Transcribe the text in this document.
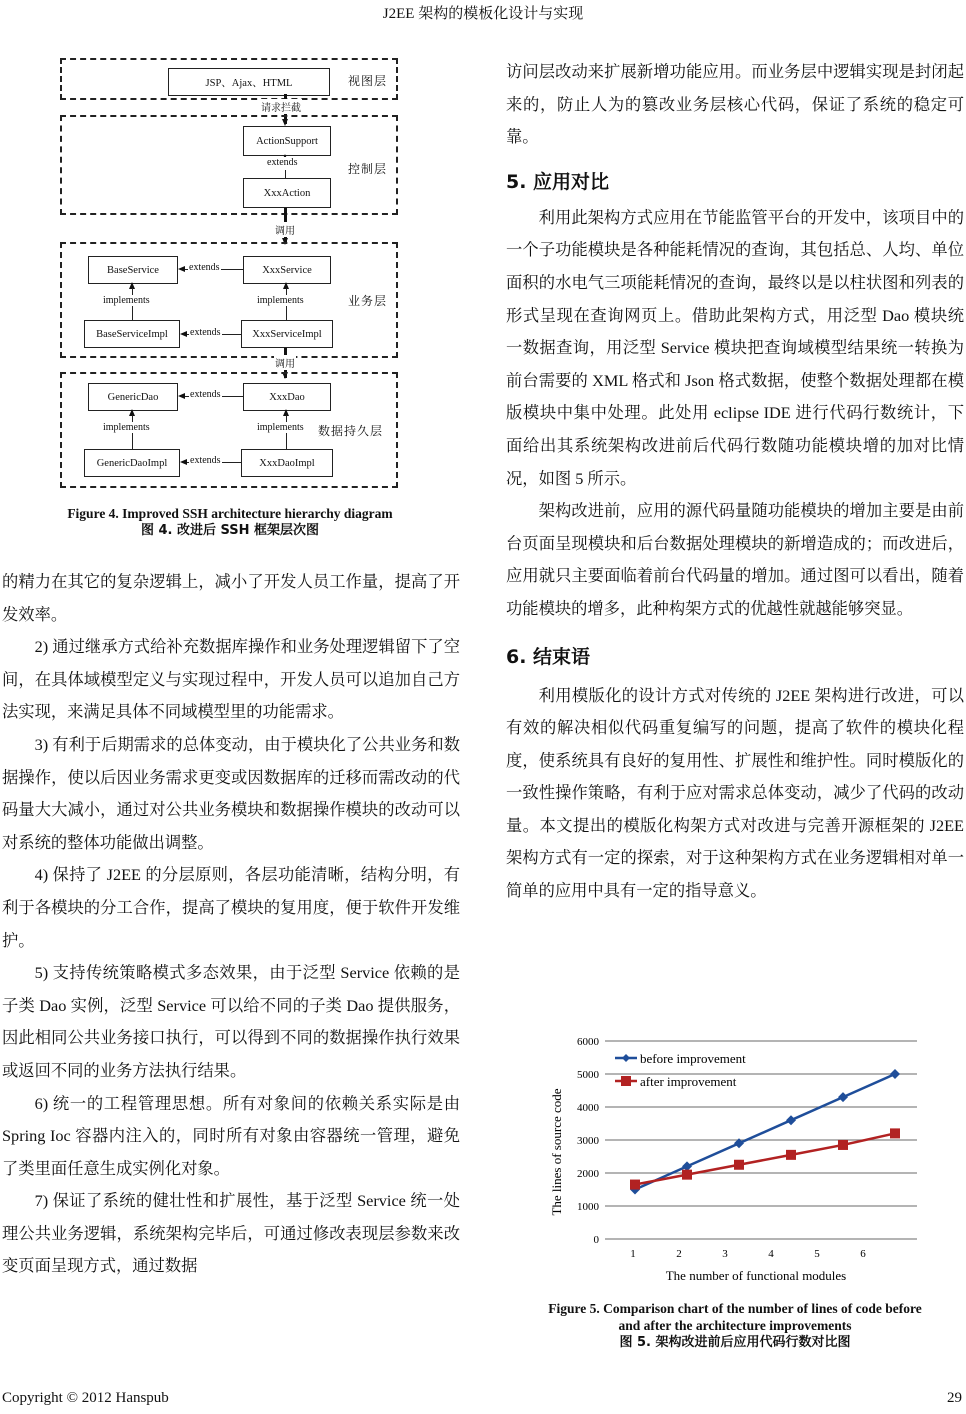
J2EE 架构的模板化设计与实现
JSP、Ajax、HTML	视图层
请求拦截
ActionSupport
extends
XxxAction
控制层
调用
BaseService	extends	XxxService
implements	implements
BaseServiceImpl	extends	XxxServiceImpl
业务层
调用
GenericDao	extends	XxxDao
implements	implements
GenericDaoImpl	extends	XxxDaoImpl
数据持久层
Figure 4. Improved SSH architecture hierarchy diagram
图 4. 改进后 SSH 框架层次图

的精力在其它的复杂逻辑上，减小了开发人员工作量，提高了开发效率。

2) 通过继承方式给补充数据库操作和业务处理逻辑留下了空间，在具体域模型定义与实现过程中，开发人员可以追加自己方法实现，来满足具体不同域模型里的功能需求。

3) 有利于后期需求的总体变动，由于模块化了公共业务和数据操作，使以后因业务需求更变或因数据库的迁移而需改动的代码量大大减小，通过对公共业务模块和数据操作模块的改动可以对系统的整体功能做出调整。

4) 保持了 J2EE 的分层原则，各层功能清晰，结构分明，有利于各模块的分工合作，提高了模块的复用度，便于软件开发维护。

5) 支持传统策略模式多态效果，由于泛型 Service 依赖的是子类 Dao 实例，泛型 Service 可以给不同的子类 Dao 提供服务，因此相同公共业务接口执行，可以得到不同的数据操作执行效果或返回不同的业务方法执行结果。

6) 统一的工程管理思想。所有对象间的依赖关系实际是由 Spring Ioc 容器内注入的，同时所有对象由容器统一管理，避免了类里面任意生成实例化对象。

7) 保证了系统的健壮性和扩展性，基于泛型 Service 统一处理公共业务逻辑，系统架构完毕后，可通过修改表现层参数来改变页面呈现方式，通过数据

访问层改动来扩展新增功能应用。而业务层中逻辑实现是封闭起来的，防止人为的篡改业务层核心代码，保证了系统的稳定可靠。

5. 应用对比

利用此架构方式应用在节能监管平台的开发中，该项目中的一个子功能模块是各种能耗情况的查询，其包括总、人均、单位面积的水电气三项能耗情况的查询，最终以是以柱状图和列表的形式呈现在查询网页上。借助此架构方式，用泛型 Dao 模块统一数据查询，用泛型 Service 模块把查询域模型结果统一转换为前台需要的 XML 格式和 Json 格式数据，使整个数据处理都在模版模块中集中处理。此处用 eclipse IDE 进行代码行数统计，下面给出其系统架构改进前后代码行数随功能模块增的加对比情况，如图 5 所示。

架构改进前，应用的源代码量随功能模块的增加主要是由前台页面呈现模块和后台数据处理模块的新增造成的；而改进后，应用就只主要面临着前台代码量的增加。通过图可以看出，随着功能模块的增多，此种构架方式的优越性就越能够突显。

6. 结束语

利用模版化的设计方式对传统的 J2EE 架构进行改进，可以有效的解决相似代码重复编写的问题，提高了软件的模块化程度，使系统具有良好的复用性、扩展性和维护性。同时模版化的一致性操作策略，有利于应对需求总体变动，减少了代码的改动量。本文提出的模版化构架方式对改进与完善开源框架的 J2EE 架构方式有一定的探索，对于这种架构方式在业务逻辑相对单一简单的应用中具有一定的指导意义。

0
1000
2000
3000
4000
5000
6000
1	2	3	4	5	6
before improvement
after improvement
The number of functional modules
The lines of source code
Figure 5. Comparison chart of the number of lines of code before
and after the architecture improvements
图 5. 架构改进前后应用代码行数对比图
Copyright © 2012 Hanspub	29
